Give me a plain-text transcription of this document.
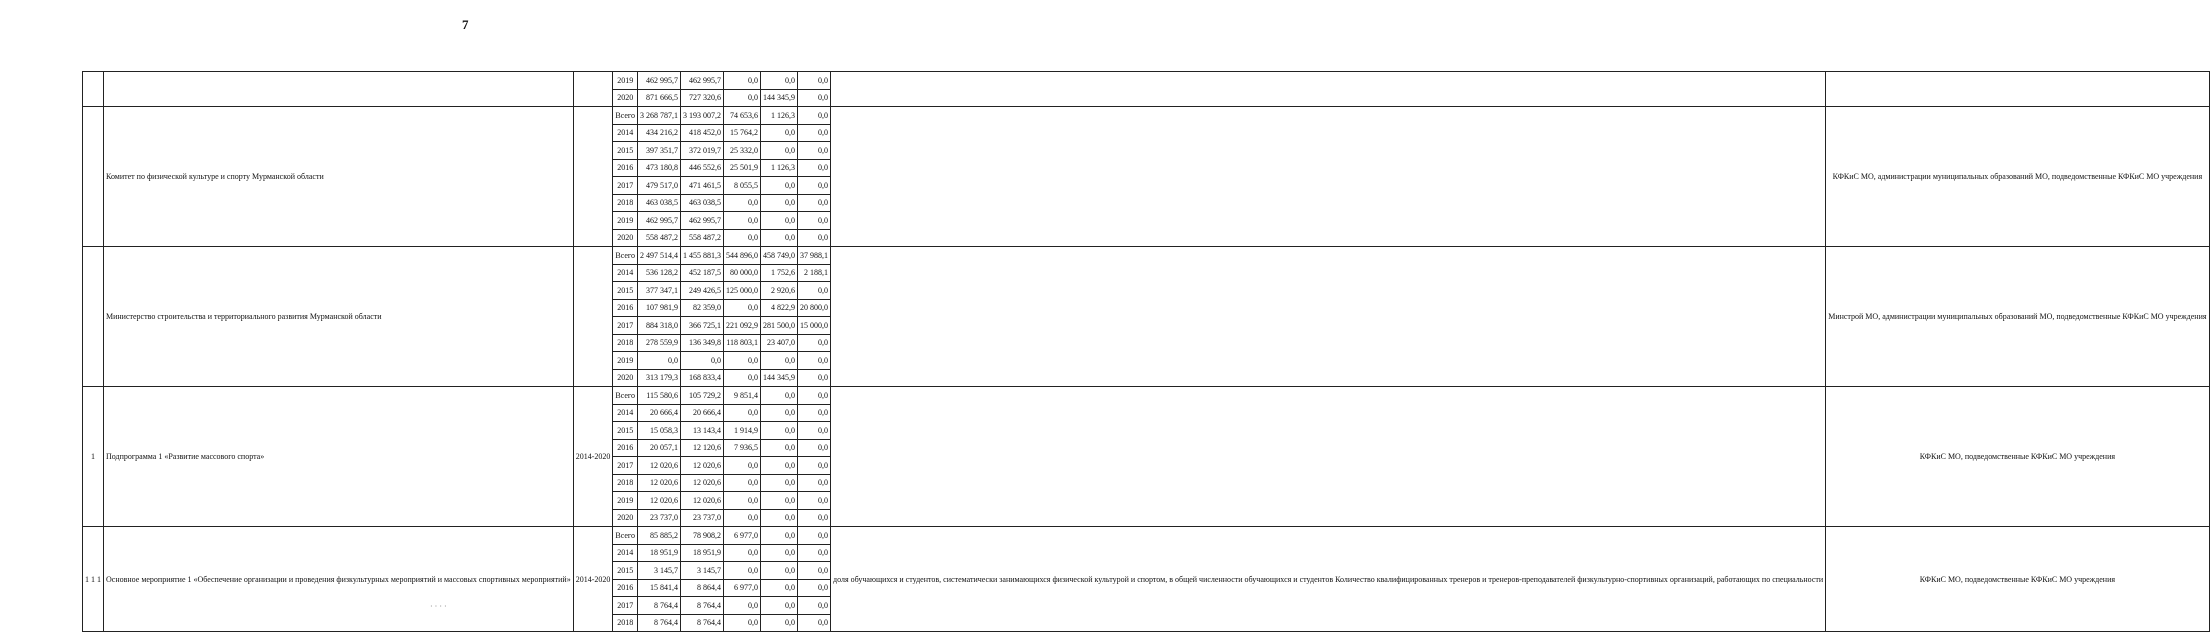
7
			2019	462 995,7	462 995,7	0,0	0,0	0,0		
			2020	871 666,5	727 320,6	0,0	144 345,9	0,0		
	Комитет по физической культуре и спорту Мурманской области		Всего	3 268 787,1	3 193 007,2	74 653,6	1 126,3	0,0		КФКиС МО, администрации муниципальных образований МО, подведомственные КФКиС МО учреждения
			2014	434 216,2	418 452,0	15 764,2	0,0	0,0		
			2015	397 351,7	372 019,7	25 332,0	0,0	0,0		
			2016	473 180,8	446 552,6	25 501,9	1 126,3	0,0		
			2017	479 517,0	471 461,5	8 055,5	0,0	0,0		
			2018	463 038,5	463 038,5	0,0	0,0	0,0		
			2019	462 995,7	462 995,7	0,0	0,0	0,0		
			2020	558 487,2	558 487,2	0,0	0,0	0,0		
	Министерство строительства и территориального развития Мурманской области		Всего	2 497 514,4	1 455 881,3	544 896,0	458 749,0	37 988,1		Минстрой МО, администрации муниципальных образований МО, подведомственные КФКиС МО учреждения
			2014	536 128,2	452 187,5	80 000,0	1 752,6	2 188,1		
			2015	377 347,1	249 426,5	125 000,0	2 920,6	0,0		
			2016	107 981,9	82 359,0	0,0	4 822,9	20 800,0		
			2017	884 318,0	366 725,1	221 092,9	281 500,0	15 000,0		
			2018	278 559,9	136 349,8	118 803,1	23 407,0	0,0		
			2019	0,0	0,0	0,0	0,0	0,0		
			2020	313 179,3	168 833,4	0,0	144 345,9	0,0		
1	Подпрограмма 1 «Развитие массового спорта»	2014-2020	Всего	115 580,6	105 729,2	9 851,4	0,0	0,0		КФКиС МО, подведомственные КФКиС МО учреждения
			2014	20 666,4	20 666,4	0,0	0,0	0,0		
			2015	15 058,3	13 143,4	1 914,9	0,0	0,0		
			2016	20 057,1	12 120,6	7 936,5	0,0	0,0		
			2017	12 020,6	12 020,6	0,0	0,0	0,0		
			2018	12 020,6	12 020,6	0,0	0,0	0,0		
			2019	12 020,6	12 020,6	0,0	0,0	0,0		
			2020	23 737,0	23 737,0	0,0	0,0	0,0		
1 1 1	Основное мероприятие 1 «Обеспечение организации и проведения физкультурных мероприятий и массовых спортивных мероприятий»	2014-2020	Всего	85 885,2	78 908,2	6 977,0	0,0	0,0	доля обучающихся и студентов, систематически занимающихся физической культурой и спортом, в общей численности обучающихся и студентов Количество квалифицированных тренеров и тренеров-преподавателей физкультурно-спортивных организаций, работающих по специальности	КФКиС МО, подведомственные КФКиС МО учреждения
			2014	18 951,9	18 951,9	0,0	0,0	0,0		
			2015	3 145,7	3 145,7	0,0	0,0	0,0		
			2016	15 841,4	8 864,4	6 977,0	0,0	0,0		
			2017	8 764,4	8 764,4	0,0	0,0	0,0		
			2018	8 764,4	8 764,4	0,0	0,0	0,0		
· · · ·
